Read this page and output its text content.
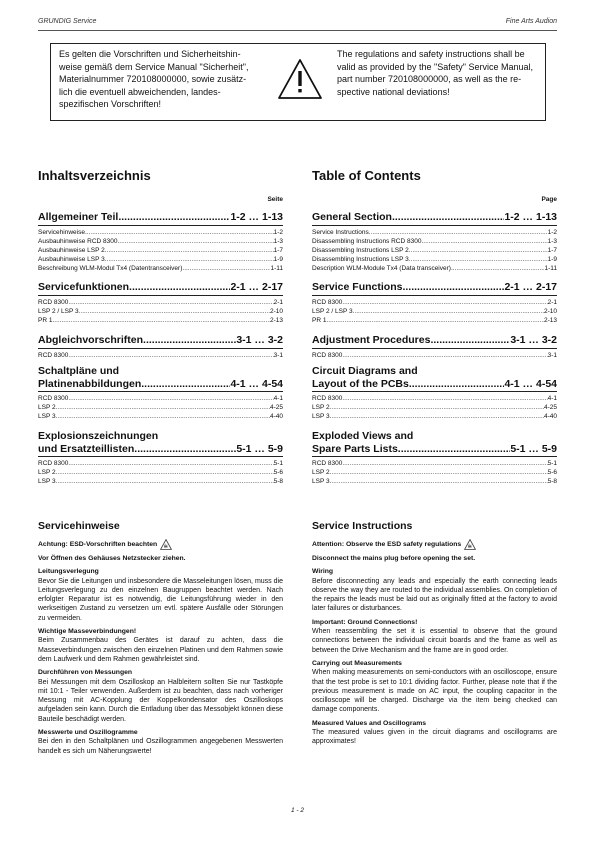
GRUNDIG Service	Fine Arts Audion
Es gelten die Vorschriften und Sicherheitshin-
weise gemäß dem Service Manual "Sicherheit",
Materialnummer 720108000000, sowie zusätz-
lich die eventuell abweichenden, landes-
spezifischen Vorschriften!
The regulations and safety instructions shall be
valid as provided by the "Safety" Service Manual,
part number 720108000000, as well as the re-
spective national deviations!
Inhaltsverzeichnis
Seite
Allgemeiner Teil .....	1-2 … 1-13
Servicehinweise .....	1-2
Ausbauhinweise RCD 8300 .....	1-3
Ausbauhinweise LSP 2 .....	1-7
Ausbauhinweise LSP 3 .....	1-9
Beschreibung WLM-Modul Tx4 (Datentransceiver) .....	1-11
Servicefunktionen .....	2-1 … 2-17
RCD 8300 .....	2-1
LSP 2 / LSP 3 .....	2-10
PR 1 .....	2-13
Abgleichvorschriften .....	3-1 … 3-2
RCD 8300 .....	3-1
Schaltpläne und
Platinenabbildungen .....	4-1 … 4-54
RCD 8300 .....	4-1
LSP 2 .....	4-25
LSP 3 .....	4-40
Explosionszeichnungen
und Ersatzteillisten .....	5-1 … 5-9
RCD 8300 .....	5-1
LSP 2 .....	5-6
LSP 3 .....	5-8
Table of Contents
Page
General Section .....	1-2 … 1-13
Service Instructions .....	1-2
Disassembling Instructions RCD 8300 .....	1-3
Disassembling Instructions LSP 2 .....	1-7
Disassembling Instructions LSP 3 .....	1-9
Description WLM-Module Tx4 (Data transceiver) .....	1-11
Service Functions .....	2-1 … 2-17
RCD 8300 .....	2-1
LSP 2 / LSP 3 .....	2-10
PR 1 .....	2-13
Adjustment Procedures .....	3-1 … 3-2
RCD 8300 .....	3-1
Circuit Diagrams and
Layout of the PCBs .....	4-1 … 4-54
RCD 8300 .....	4-1
LSP 2 .....	4-25
LSP 3 .....	4-40
Exploded Views and
Spare Parts Lists .....	5-1 … 5-9
RCD 8300 .....	5-1
LSP 2 .....	5-6
LSP 3 .....	5-8
Servicehinweise
Achtung: ESD-Vorschriften beachten
Vor Öffnen des Gehäuses Netzstecker ziehen.
Leitungsverlegung

Bevor Sie die Leitungen und insbesondere die Masseleitungen lösen, muss die Leitungsverlegung zu den einzelnen Baugruppen beachtet werden. Nach erfolgter Reparatur ist es notwendig, die Leitungsführung wieder in den werkseitigen Zustand zu versetzen um evtl. spätere Ausfälle oder Störungen zu vermeiden.

Wichtige Masseverbindungen!

Beim Zusammenbau des Gerätes ist darauf zu achten, dass die Masseverbindungen zwischen den einzelnen Platinen und dem Rahmen sowie dem Laufwerk und dem Rahmen gewährleistet sind.

Durchführen von Messungen

Bei Messungen mit dem Oszilloskop an Halbleitern sollten Sie nur Tastköpfe mit 10:1 - Teiler verwenden. Außerdem ist zu beachten, dass nach vorheriger Messung mit AC-Kopplung der Koppelkondensator des Oszilloskops aufgeladen sein kann. Durch die Entladung über das Messobjekt können diese Bauteile beschädigt werden.

Messwerte und Oszillogramme

Bei den in den Schaltplänen und Oszillogrammen angegebenen Messwerten handelt es sich um Näherungswerte!

Service Instructions
Attention: Observe the ESD safety regulations
Disconnect the mains plug before opening the set.
Wiring

Before disconnecting any leads and especially the earth connecting leads observe the way they are routed to the individual assemblies. On completion of the repairs the leads must be laid out as originally fitted at the factory to avoid later failures or disturbances.

Important: Ground Connections!

When reassembling the set it is essential to observe that the ground connections between the individual circuit boards and the frame as well as between the Drive Mechanism and the frame are in good order.

Carrying out Measurements

When making measurements on semi-conductors with an oscilloscope, ensure that the test probe is set to 10:1 dividing factor. Further, please note that if the previous measurement is made on AC input, the coupling capacitor in the oscilloscope will be charged. Discharge via the item being checked can damage components.

Measured Values and Oscillograms

The measured values given in the circuit diagrams and oscillograms are approximates!

1 - 2
